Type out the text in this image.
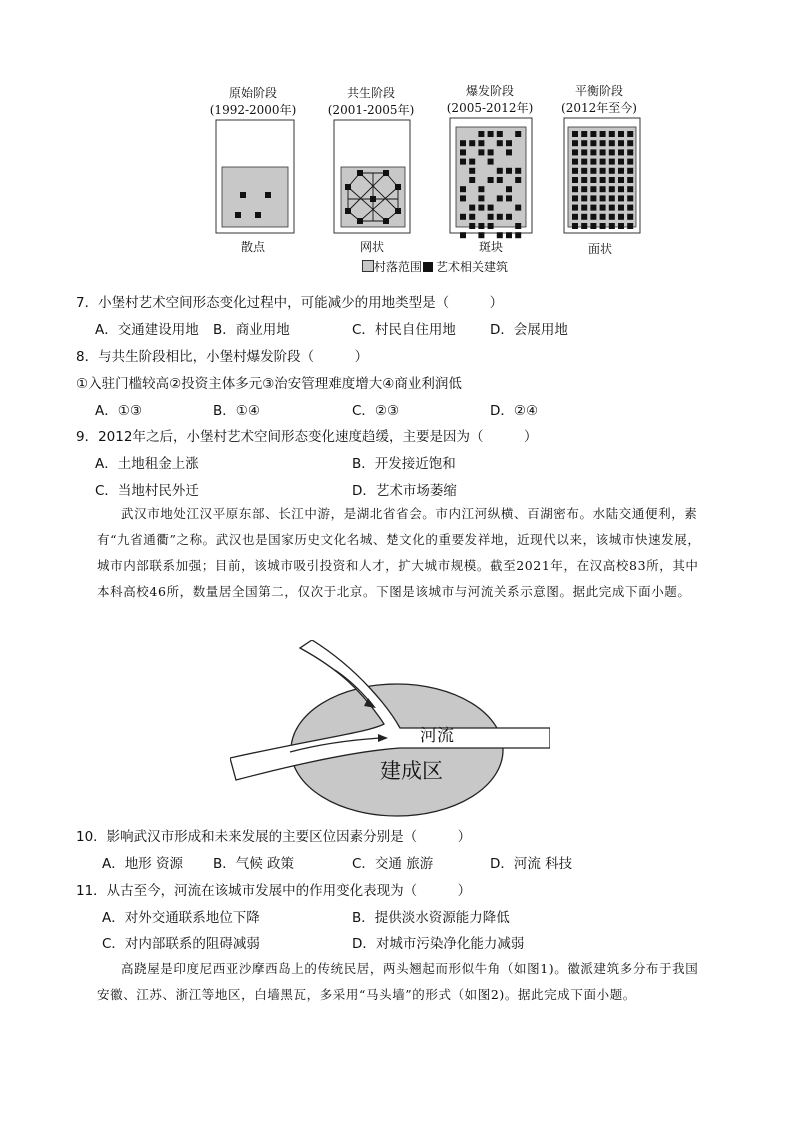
原始阶段
(1992-2000年)
共生阶段
(2001-2005年)
爆发阶段
(2005-2012年)
平衡阶段
(2012年至今)
散点	网状	斑块	面状
村落范围 艺术相关建筑
7．小堡村艺术空间形态变化过程中，可能减少的用地类型是（　　　）
A．交通建设用地 B．商业用地	C．村民自住用地	D．会展用地
8．与共生阶段相比，小堡村爆发阶段（　　　）
①入驻门槛较高②投资主体多元③治安管理难度增大④商业利润低
A．①③	B．①④	C．②③	D．②④
9．2012年之后，小堡村艺术空间形态变化速度趋缓，主要是因为（　　　）
A．土地租金上涨	B．开发接近饱和
C．当地村民外迁	D．艺术市场萎缩
武汉市地处江汉平原东部、长江中游，是湖北省省会。市内江河纵横、百湖密布。水陆交通便利，素有“九省通衢”之称。武汉也是国家历史文化名城、楚文化的重要发祥地，近现代以来，该城市快速发展，城市内部联系加强；目前，该城市吸引投资和人才，扩大城市规模。截至2021年，在汉高校83所，其中本科高校46所，数量居全国第二，仅次于北京。下图是该城市与河流关系示意图。据此完成下面小题。
河流
建成区
10．影响武汉市形成和未来发展的主要区位因素分别是（　　　）
A．地形 资源 B．气候 政策	C．交通 旅游	D．河流 科技
11．从古至今，河流在该城市发展中的作用变化表现为（　　　）
A．对外交通联系地位下降	B．提供淡水资源能力降低
C．对内部联系的阻碍减弱	D．对城市污染净化能力减弱
高跷屋是印度尼西亚沙摩西岛上的传统民居，两头翘起而形似牛角（如图1)。徽派建筑多分布于我国安徽、江苏、浙江等地区，白墙黑瓦，多采用“马头墙”的形式（如图2)。据此完成下面小题。
